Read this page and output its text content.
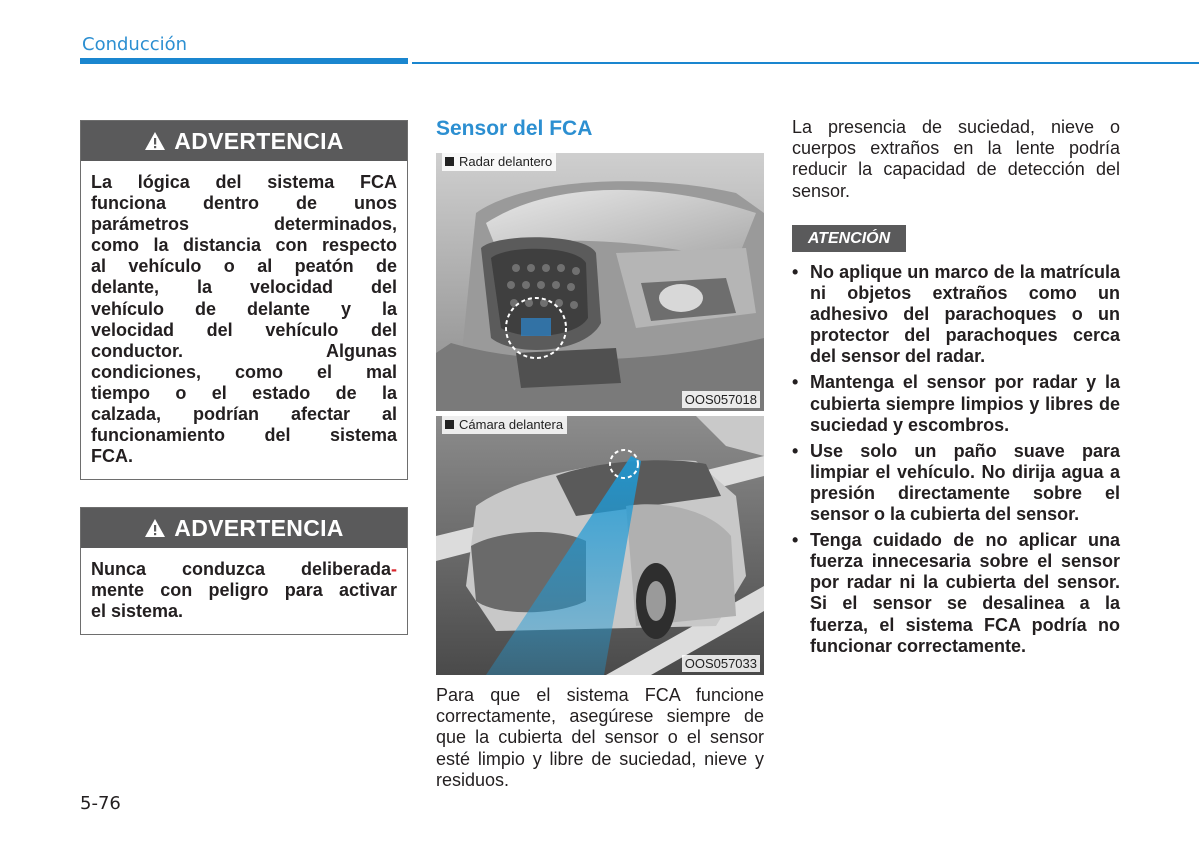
Conducción
ADVERTENCIA
La lógica del sistema FCA
funciona dentro de unos
parámetros determinados,
como la distancia con respecto
al vehículo o al peatón de
delante, la velocidad del
vehículo de delante y la
velocidad del vehículo del
conductor. Algunas
condiciones, como el mal
tiempo o el estado de la
calzada, podrían afectar al
funcionamiento del sistema
FCA.
ADVERTENCIA
Nunca conduzca deliberada-
mente con peligro para activar
el sistema.
Sensor del FCA
Radar delantero
OOS057018
Cámara delantera
OOS057033
Para que el sistema FCA funcione correctamente, asegúrese siempre de que la cubierta del sensor o el sensor esté limpio y libre de suciedad, nieve y residuos.
La presencia de suciedad, nieve o cuerpos extraños en la lente podría reducir la capacidad de detección del sensor.
ATENCIÓN
• No aplique un marco de la matrícula ni objetos extraños como un adhesivo del parachoques o un protector del parachoques cerca del sensor del radar.
• Mantenga el sensor por radar y la cubierta siempre limpios y libres de suciedad y escombros.
• Use solo un paño suave para limpiar el vehículo. No dirija agua a presión directamente sobre el sensor o la cubierta del sensor.
• Tenga cuidado de no aplicar una fuerza innecesaria sobre el sensor por radar ni la cubierta del sensor. Si el sensor se desalinea a la fuerza, el sistema FCA podría no funcionar correctamente.
5-76
